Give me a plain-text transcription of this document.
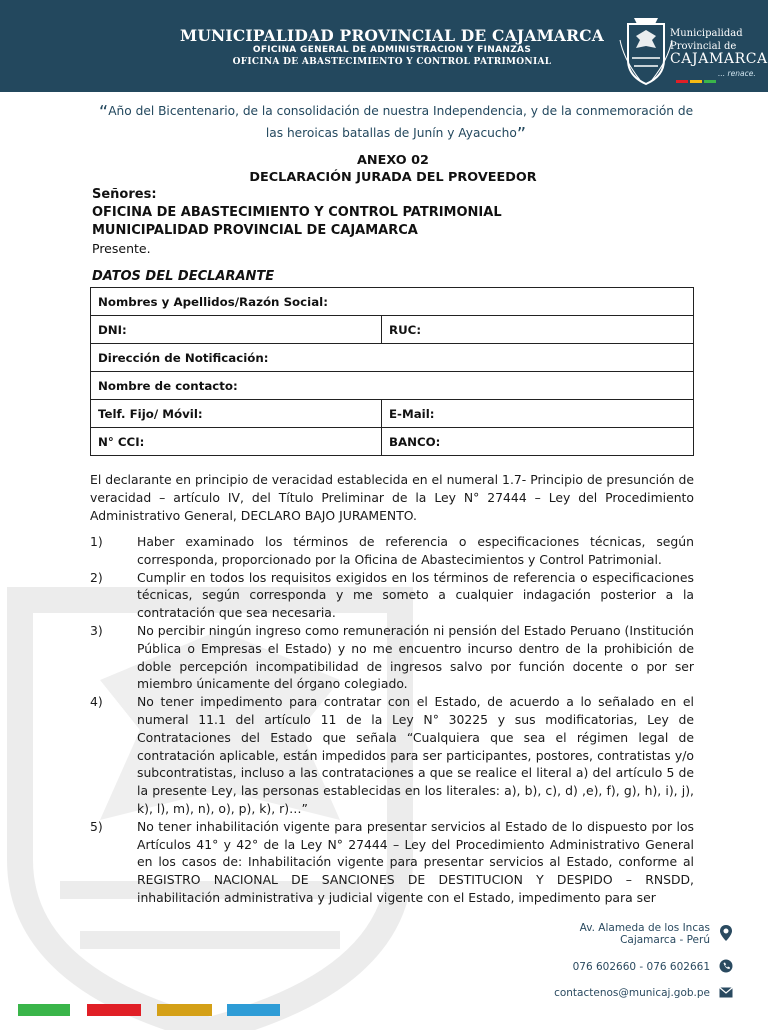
MUNICIPALIDAD PROVINCIAL DE CAJAMARCA
OFICINA GENERAL DE ADMINISTRACION Y FINANZAS
OFICINA DE ABASTECIMIENTO Y CONTROL PATRIMONIAL
Municipalidad
Provincial de
CAJAMARCA
... renace.
“Año del Bicentenario, de la consolidación de nuestra Independencia, y de la conmemoración de las heroicas batallas de Junín y Ayacucho”
ANEXO 02
DECLARACIÓN JURADA DEL PROVEEDOR
Señores:
OFICINA DE ABASTECIMIENTO Y CONTROL PATRIMONIAL
MUNICIPALIDAD PROVINCIAL DE CAJAMARCA
Presente.
DATOS DEL DECLARANTE
Nombres y Apellidos/Razón Social:	
DNI:	RUC:
Dirección de Notificación:	
Nombre de contacto:	
Telf. Fijo/ Móvil:	E-Mail:
N° CCI:	BANCO:
El declarante en principio de veracidad establecida en el numeral 1.7- Principio de presunción de veracidad – artículo IV, del Título Preliminar de la Ley N° 27444 – Ley del Procedimiento Administrativo General, DECLARO BAJO JURAMENTO.
1)	Haber examinado los términos de referencia o especificaciones técnicas, según corresponda, proporcionado por la Oficina de Abastecimientos y Control Patrimonial.
2)	Cumplir en todos los requisitos exigidos en los términos de referencia o especificaciones técnicas, según corresponda y me someto a cualquier indagación posterior a la contratación que sea necesaria.
3)	No percibir ningún ingreso como remuneración ni pensión del Estado Peruano (Institución Pública o Empresas el Estado) y no me encuentro incurso dentro de la prohibición de doble percepción incompatibilidad de ingresos salvo por función docente o por ser miembro únicamente del órgano colegiado.
4)	No tener impedimento para contratar con el Estado, de acuerdo a lo señalado en el numeral 11.1 del artículo 11 de la Ley N° 30225 y sus modificatorias, Ley de Contrataciones del Estado que señala “Cualquiera que sea el régimen legal de contratación aplicable, están impedidos para ser participantes, postores, contratistas y/o subcontratistas, incluso a las contrataciones a que se realice el literal a) del artículo 5 de la presente Ley, las personas establecidas en los literales: a), b), c), d) ,e), f), g), h), i), j), k), l), m), n), o), p), k), r)…”
5)	No tener inhabilitación vigente para presentar servicios al Estado de lo dispuesto por los Artículos 41° y 42° de la Ley N° 27444 – Ley del Procedimiento Administrativo General en los casos de: Inhabilitación vigente para presentar servicios al Estado, conforme al REGISTRO NACIONAL DE SANCIONES DE DESTITUCION Y DESPIDO – RNSDD, inhabilitación administrativa y judicial vigente con el Estado, impedimento para ser
Av. Alameda de los Incas
Cajamarca - Perú
076 602660 - 076 602661
contactenos@municaj.gob.pe
